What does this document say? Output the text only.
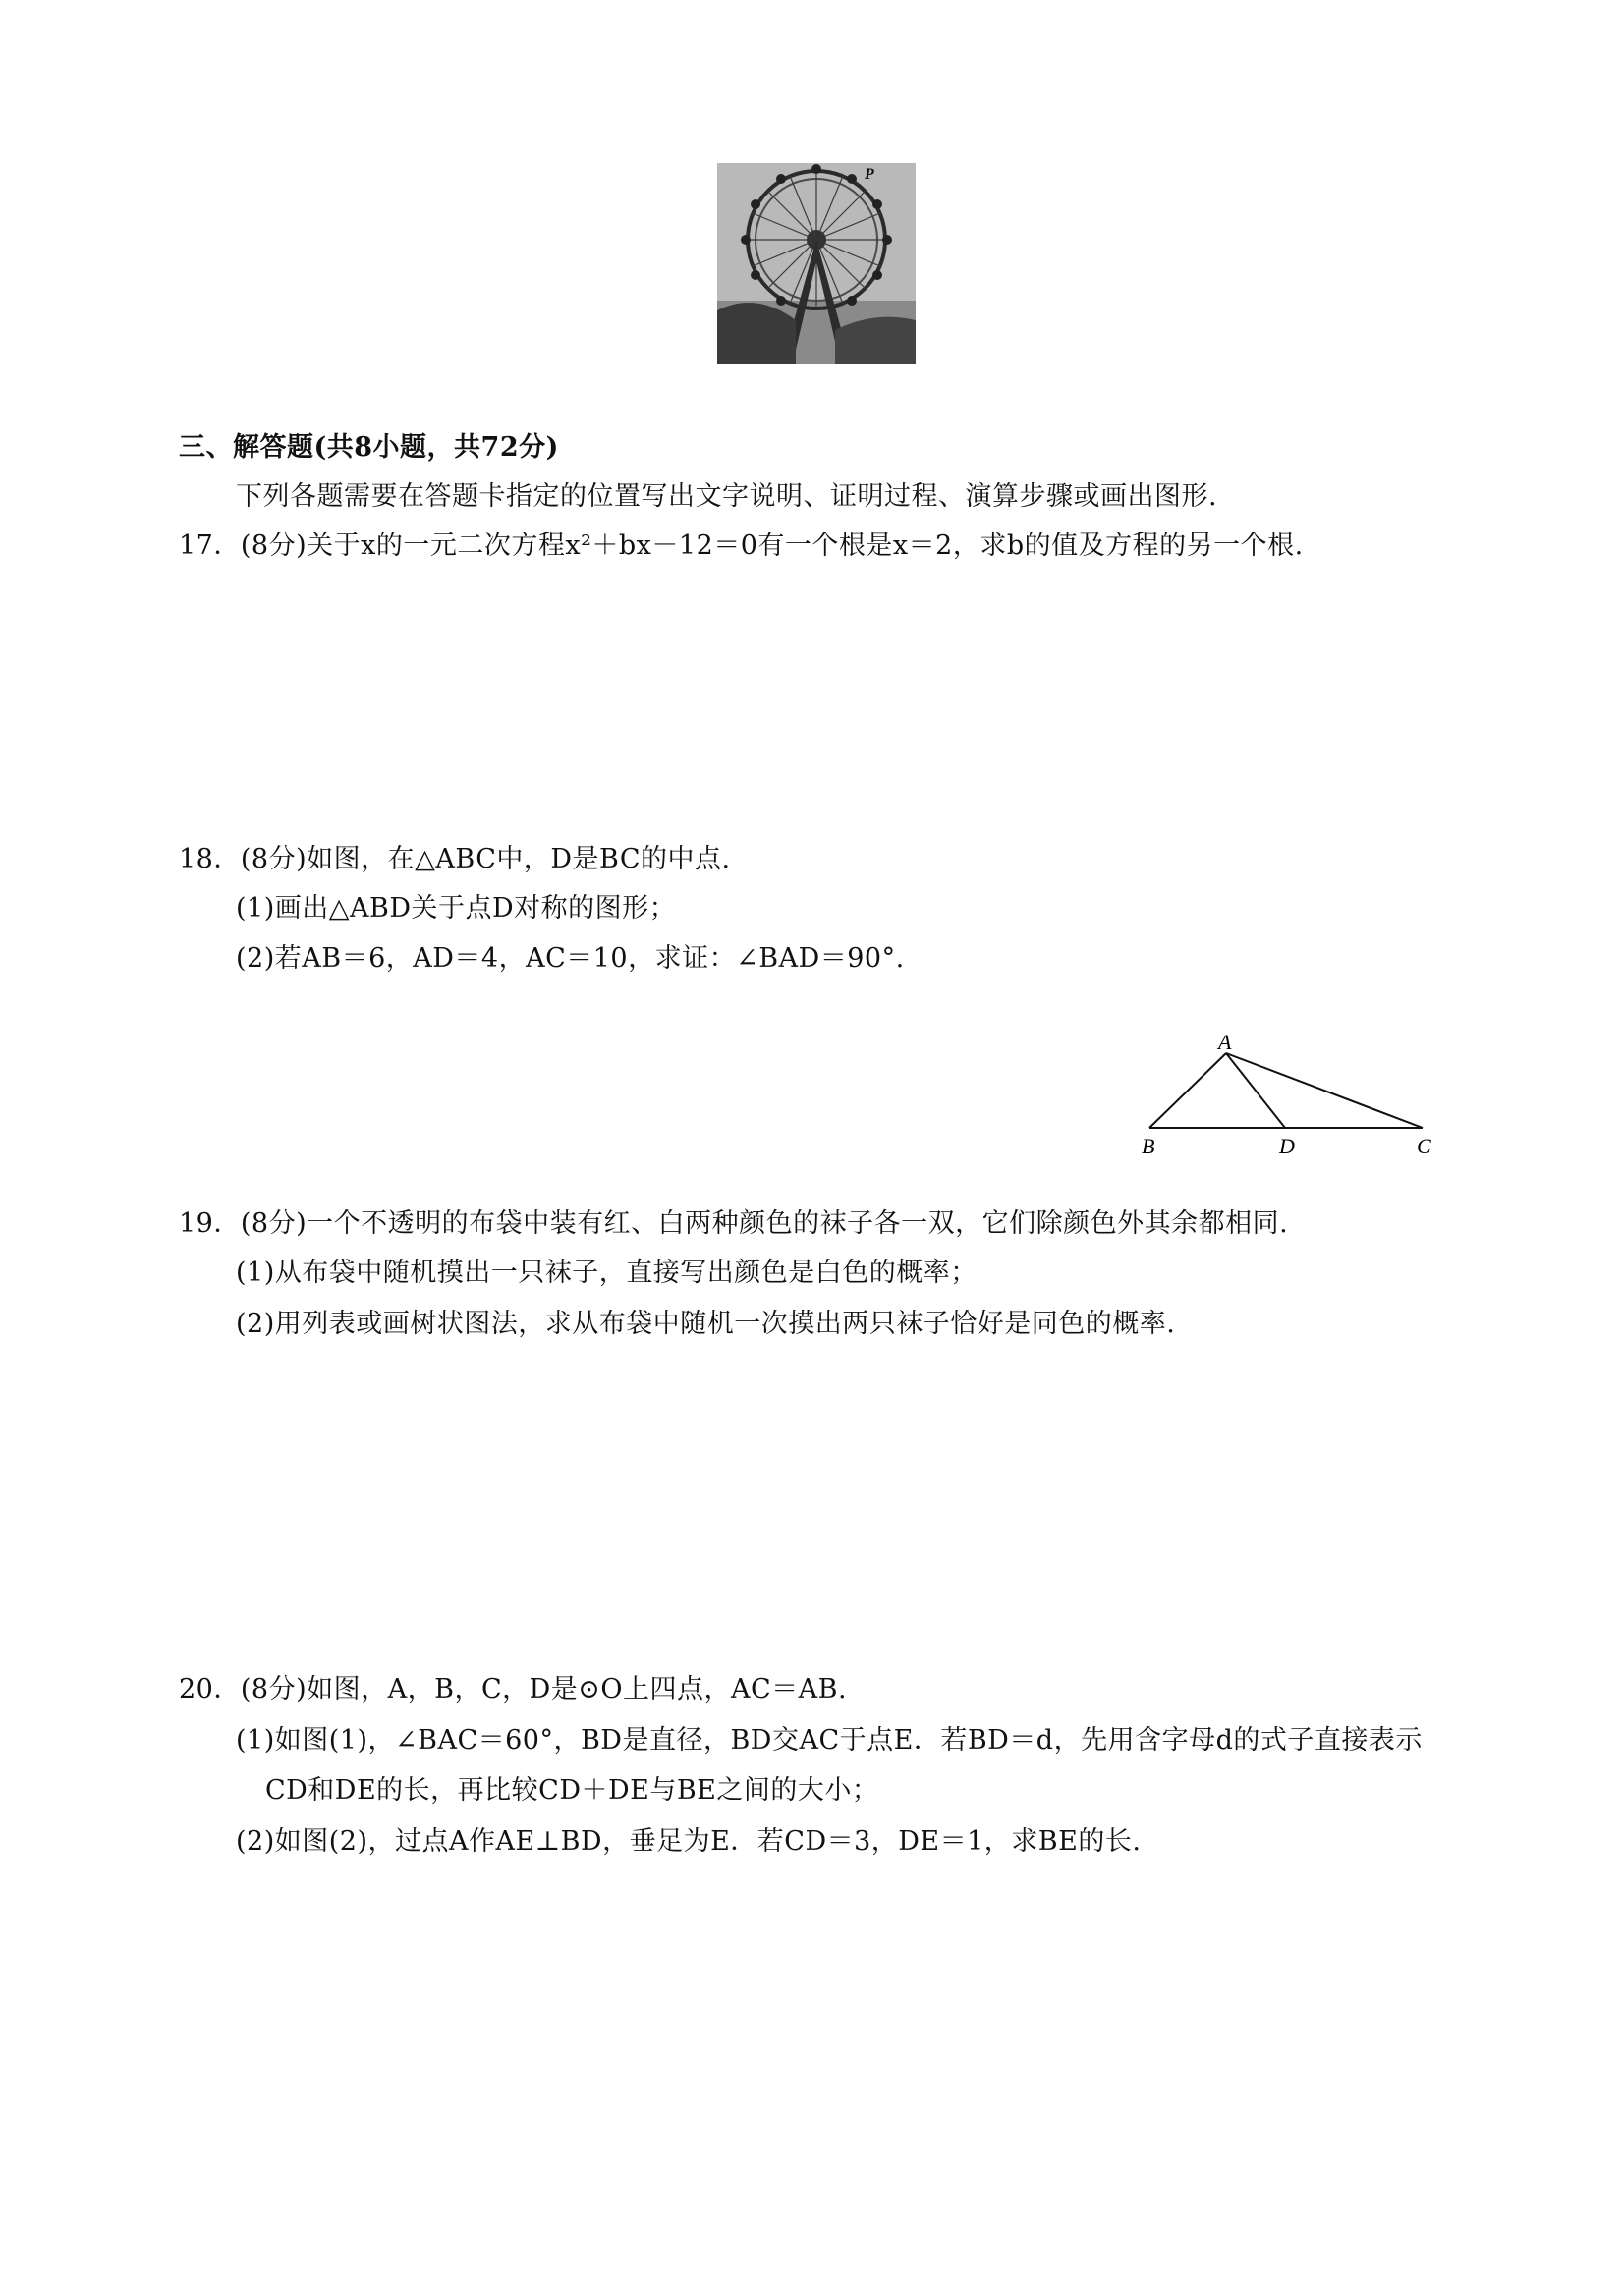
P
三、解答题(共8小题，共72分)
下列各题需要在答题卡指定的位置写出文字说明、证明过程、演算步骤或画出图形.
17．(8分)关于x的一元二次方程x²＋bx－12＝0有一个根是x＝2，求b的值及方程的另一个根.
18．(8分)如图，在△ABC中，D是BC的中点.
(1)画出△ABD关于点D对称的图形；
(2)若AB＝6，AD＝4，AC＝10，求证：∠BAD＝90°.
A
B	D	C
19．(8分)一个不透明的布袋中装有红、白两种颜色的袜子各一双，它们除颜色外其余都相同.
(1)从布袋中随机摸出一只袜子，直接写出颜色是白色的概率；
(2)用列表或画树状图法，求从布袋中随机一次摸出两只袜子恰好是同色的概率.
20．(8分)如图，A，B，C，D是⊙O上四点，AC＝AB.
(1)如图(1)，∠BAC＝60°，BD是直径，BD交AC于点E．若BD＝d，先用含字母d的式子直接表示
CD和DE的长，再比较CD＋DE与BE之间的大小；
(2)如图(2)，过点A作AE⊥BD，垂足为E．若CD＝3，DE＝1，求BE的长.
